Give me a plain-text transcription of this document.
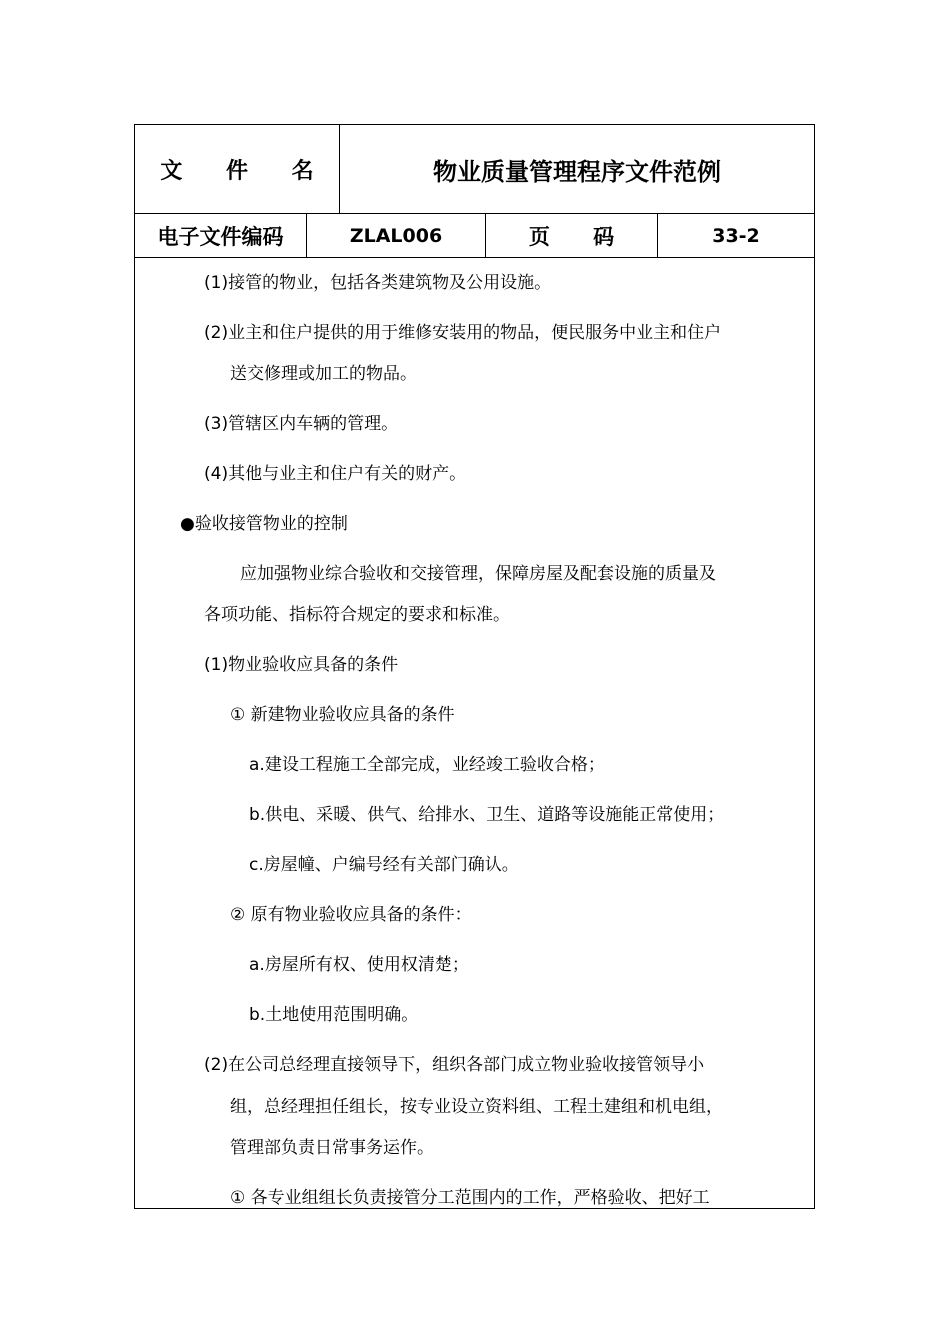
文 件 名	物业质量管理程序文件范例
电子文件编码	ZLAL006	页 码	33-2
(1)接管的物业，包括各类建筑物及公用设施。
(2)业主和住户提供的用于维修安装用的物品，便民服务中业主和住户
送交修理或加工的物品。
(3)管辖区内车辆的管理。
(4)其他与业主和住户有关的财产。
●验收接管物业的控制
应加强物业综合验收和交接管理，保障房屋及配套设施的质量及
各项功能、指标符合规定的要求和标准。
(1)物业验收应具备的条件
① 新建物业验收应具备的条件
a.建设工程施工全部完成，业经竣工验收合格；
b.供电、采暖、供气、给排水、卫生、道路等设施能正常使用；
c.房屋幢、户编号经有关部门确认。
② 原有物业验收应具备的条件：
a.房屋所有权、使用权清楚；
b.土地使用范围明确。
(2)在公司总经理直接领导下，组织各部门成立物业验收接管领导小
组，总经理担任组长，按专业设立资料组、工程土建组和机电组，
管理部负责日常事务运作。
① 各专业组组长负责接管分工范围内的工作，严格验收、把好工
